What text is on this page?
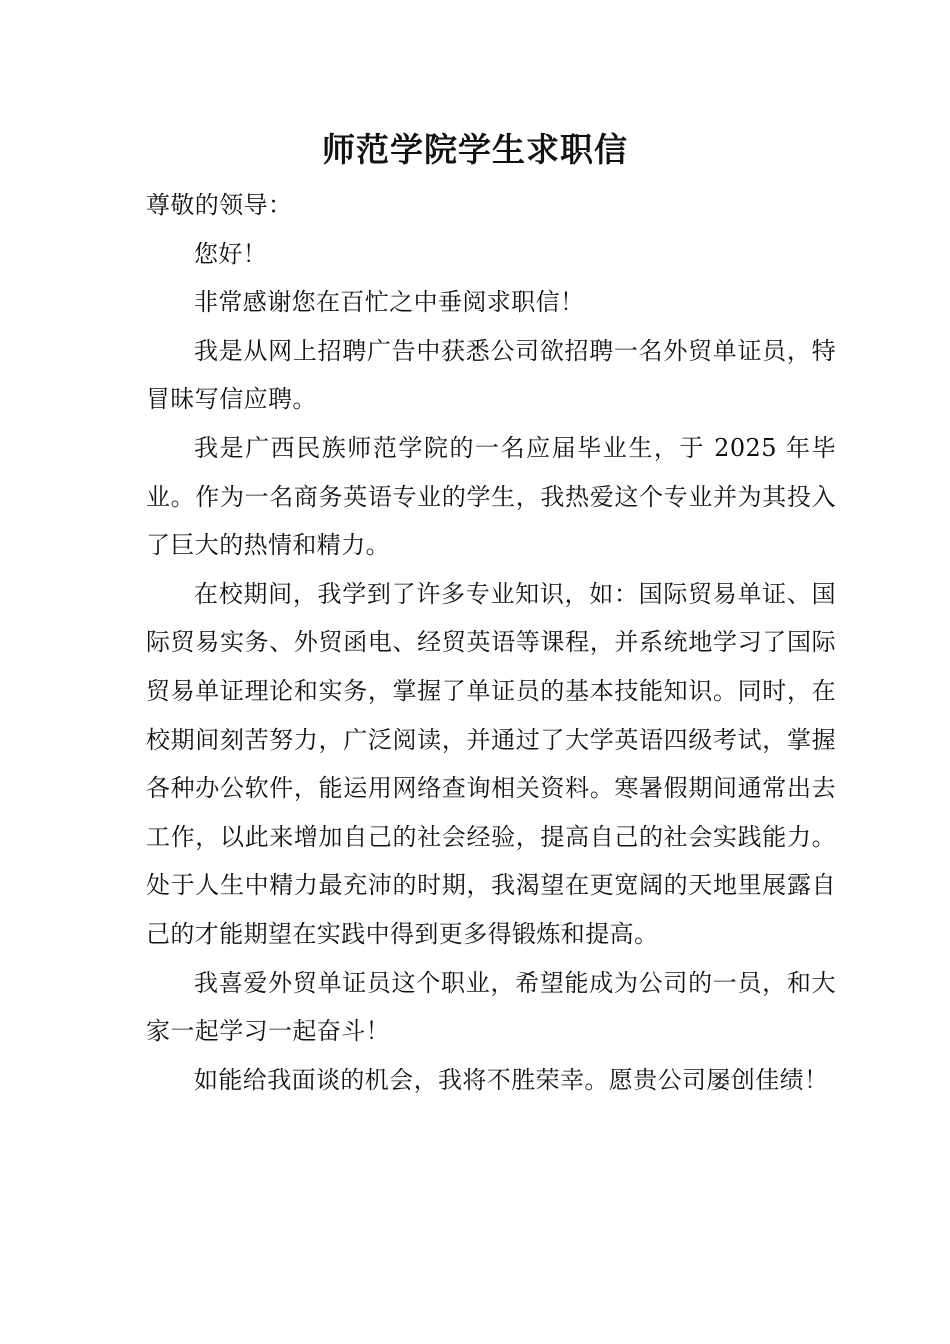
师范学院学生求职信

尊敬的领导：

您好！

非常感谢您在百忙之中垂阅求职信！

我是从网上招聘广告中获悉公司欲招聘一名外贸单证员，特冒昧写信应聘。

我是广西民族师范学院的一名应届毕业生，于 2025 年毕业。作为一名商务英语专业的学生，我热爱这个专业并为其投入了巨大的热情和精力。

在校期间，我学到了许多专业知识，如：国际贸易单证、国际贸易实务、外贸函电、经贸英语等课程，并系统地学习了国际贸易单证理论和实务，掌握了单证员的基本技能知识。同时，在校期间刻苦努力，广泛阅读，并通过了大学英语四级考试，掌握各种办公软件，能运用网络查询相关资料。寒暑假期间通常出去工作，以此来增加自己的社会经验，提高自己的社会实践能力。处于人生中精力最充沛的时期，我渴望在更宽阔的天地里展露自己的才能期望在实践中得到更多得锻炼和提高。

我喜爱外贸单证员这个职业，希望能成为公司的一员，和大家一起学习一起奋斗！

如能给我面谈的机会，我将不胜荣幸。愿贵公司屡创佳绩！
